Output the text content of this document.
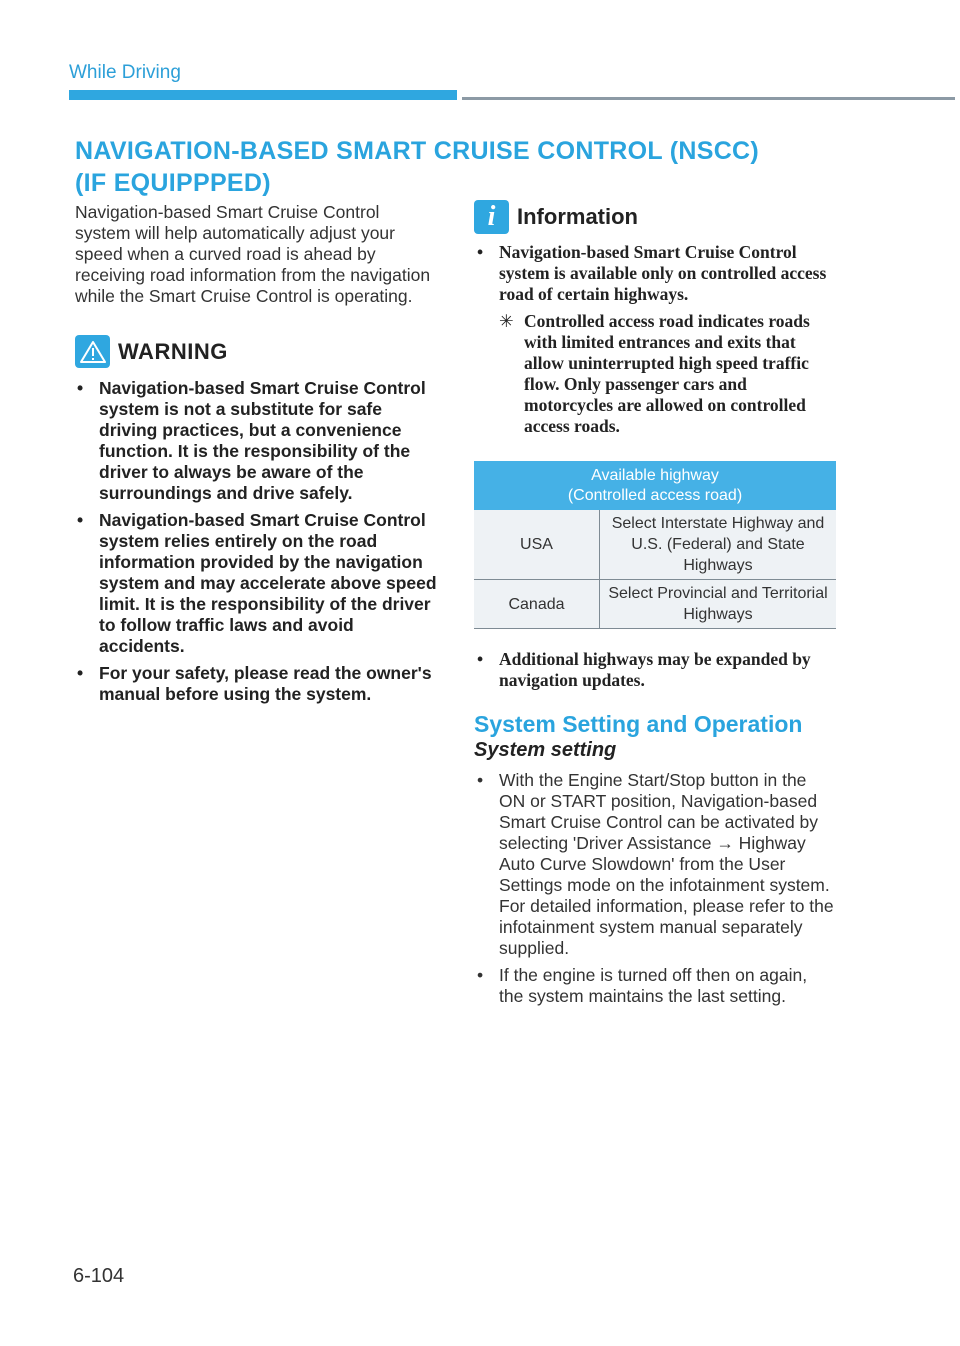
While Driving
NAVIGATION-BASED SMART CRUISE CONTROL (NSCC)
(IF EQUIPPPED)

Navigation-based Smart Cruise Control system will help automatically adjust your speed when a curved road is ahead by receiving road information from the navigation while the Smart Cruise Control is operating.

WARNING
• Navigation-based Smart Cruise Control system is not a substitute for safe driving practices, but a convenience function. It is the responsibility of the driver to always be aware of the surroundings and drive safely.
• Navigation-based Smart Cruise Control system relies entirely on the road information provided by the navigation system and may accelerate above speed limit. It is the responsibility of the driver to follow traffic laws and avoid accidents.
• For your safety, please read the owner's manual before using the system.
i Information
• Navigation-based Smart Cruise Control system is available only on controlled access road of certain highways.
✳ Controlled access road indicates roads with limited entrances and exits that allow uninterrupted high speed traffic flow. Only passenger cars and motorcycles are allowed on controlled access roads.
Available highway
(Controlled access road)	

USA	Select Interstate Highway and U.S. (Federal) and State Highways
Canada	Select Provincial and Territorial Highways
• Additional highways may be expanded by navigation updates.
System Setting and Operation
System setting
• With the Engine Start/Stop button in the ON or START position, Navigation-based Smart Cruise Control can be activated by selecting 'Driver Assistance → Highway Auto Curve Slowdown' from the User Settings mode on the infotainment system. For detailed information, please refer to the infotainment system manual separately supplied.
• If the engine is turned off then on again, the system maintains the last setting.
6-104
